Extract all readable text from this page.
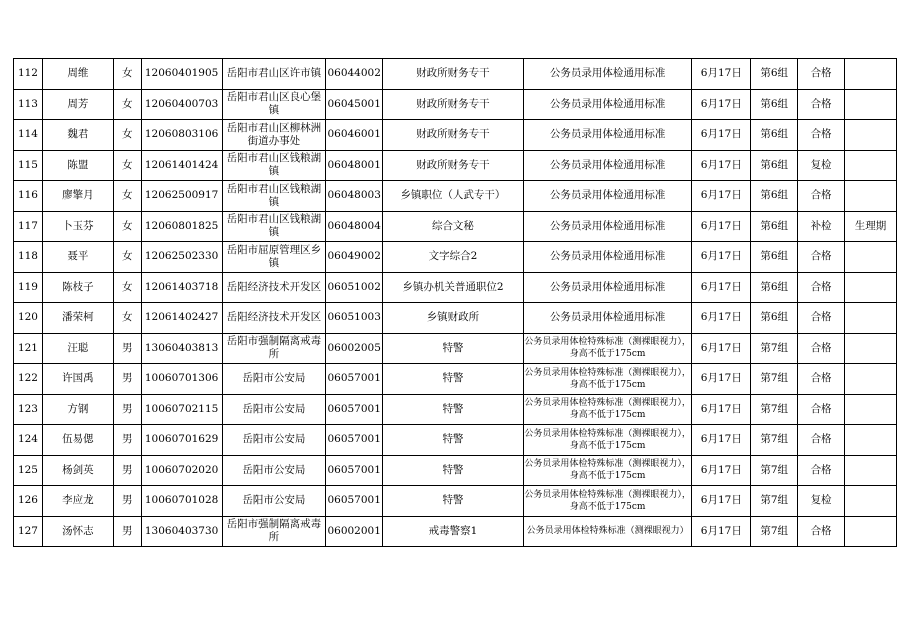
112	周维	女	12060401905	岳阳市君山区许市镇	06044002	财政所财务专干	公务员录用体检通用标准	6月17日	第6组	合格	
113	周芳	女	12060400703	岳阳市君山区良心堡镇	06045001	财政所财务专干	公务员录用体检通用标准	6月17日	第6组	合格	
114	魏君	女	12060803106	岳阳市君山区柳林洲街道办事处	06046001	财政所财务专干	公务员录用体检通用标准	6月17日	第6组	合格	
115	陈盟	女	12061401424	岳阳市君山区钱粮湖镇	06048001	财政所财务专干	公务员录用体检通用标准	6月17日	第6组	复检	
116	廖擎月	女	12062500917	岳阳市君山区钱粮湖镇	06048003	乡镇职位（人武专干）	公务员录用体检通用标准	6月17日	第6组	合格	
117	卜玉芬	女	12060801825	岳阳市君山区钱粮湖镇	06048004	综合文秘	公务员录用体检通用标准	6月17日	第6组	补检	生理期
118	聂平	女	12062502330	岳阳市屈原管理区乡镇	06049002	文字综合2	公务员录用体检通用标准	6月17日	第6组	合格	
119	陈枝子	女	12061403718	岳阳经济技术开发区	06051002	乡镇办机关普通职位2	公务员录用体检通用标准	6月17日	第6组	合格	
120	潘荣柯	女	12061402427	岳阳经济技术开发区	06051003	乡镇财政所	公务员录用体检通用标准	6月17日	第6组	合格	
121	汪聪	男	13060403813	岳阳市强制隔离戒毒所	06002005	特警	公务员录用体检特殊标准（测裸眼视力），身高不低于175cm	6月17日	第7组	合格	
122	许国禹	男	10060701306	岳阳市公安局	06057001	特警	公务员录用体检特殊标准（测裸眼视力），身高不低于175cm	6月17日	第7组	合格	
123	方钢	男	10060702115	岳阳市公安局	06057001	特警	公务员录用体检特殊标准（测裸眼视力），身高不低于175cm	6月17日	第7组	合格	
124	伍易偲	男	10060701629	岳阳市公安局	06057001	特警	公务员录用体检特殊标准（测裸眼视力），身高不低于175cm	6月17日	第7组	合格	
125	杨剑英	男	10060702020	岳阳市公安局	06057001	特警	公务员录用体检特殊标准（测裸眼视力），身高不低于175cm	6月17日	第7组	合格	
126	李应龙	男	10060701028	岳阳市公安局	06057001	特警	公务员录用体检特殊标准（测裸眼视力），身高不低于175cm	6月17日	第7组	复检	
127	汤怀志	男	13060403730	岳阳市强制隔离戒毒所	06002001	戒毒警察1	公务员录用体检特殊标准（测裸眼视力）	6月17日	第7组	合格	
